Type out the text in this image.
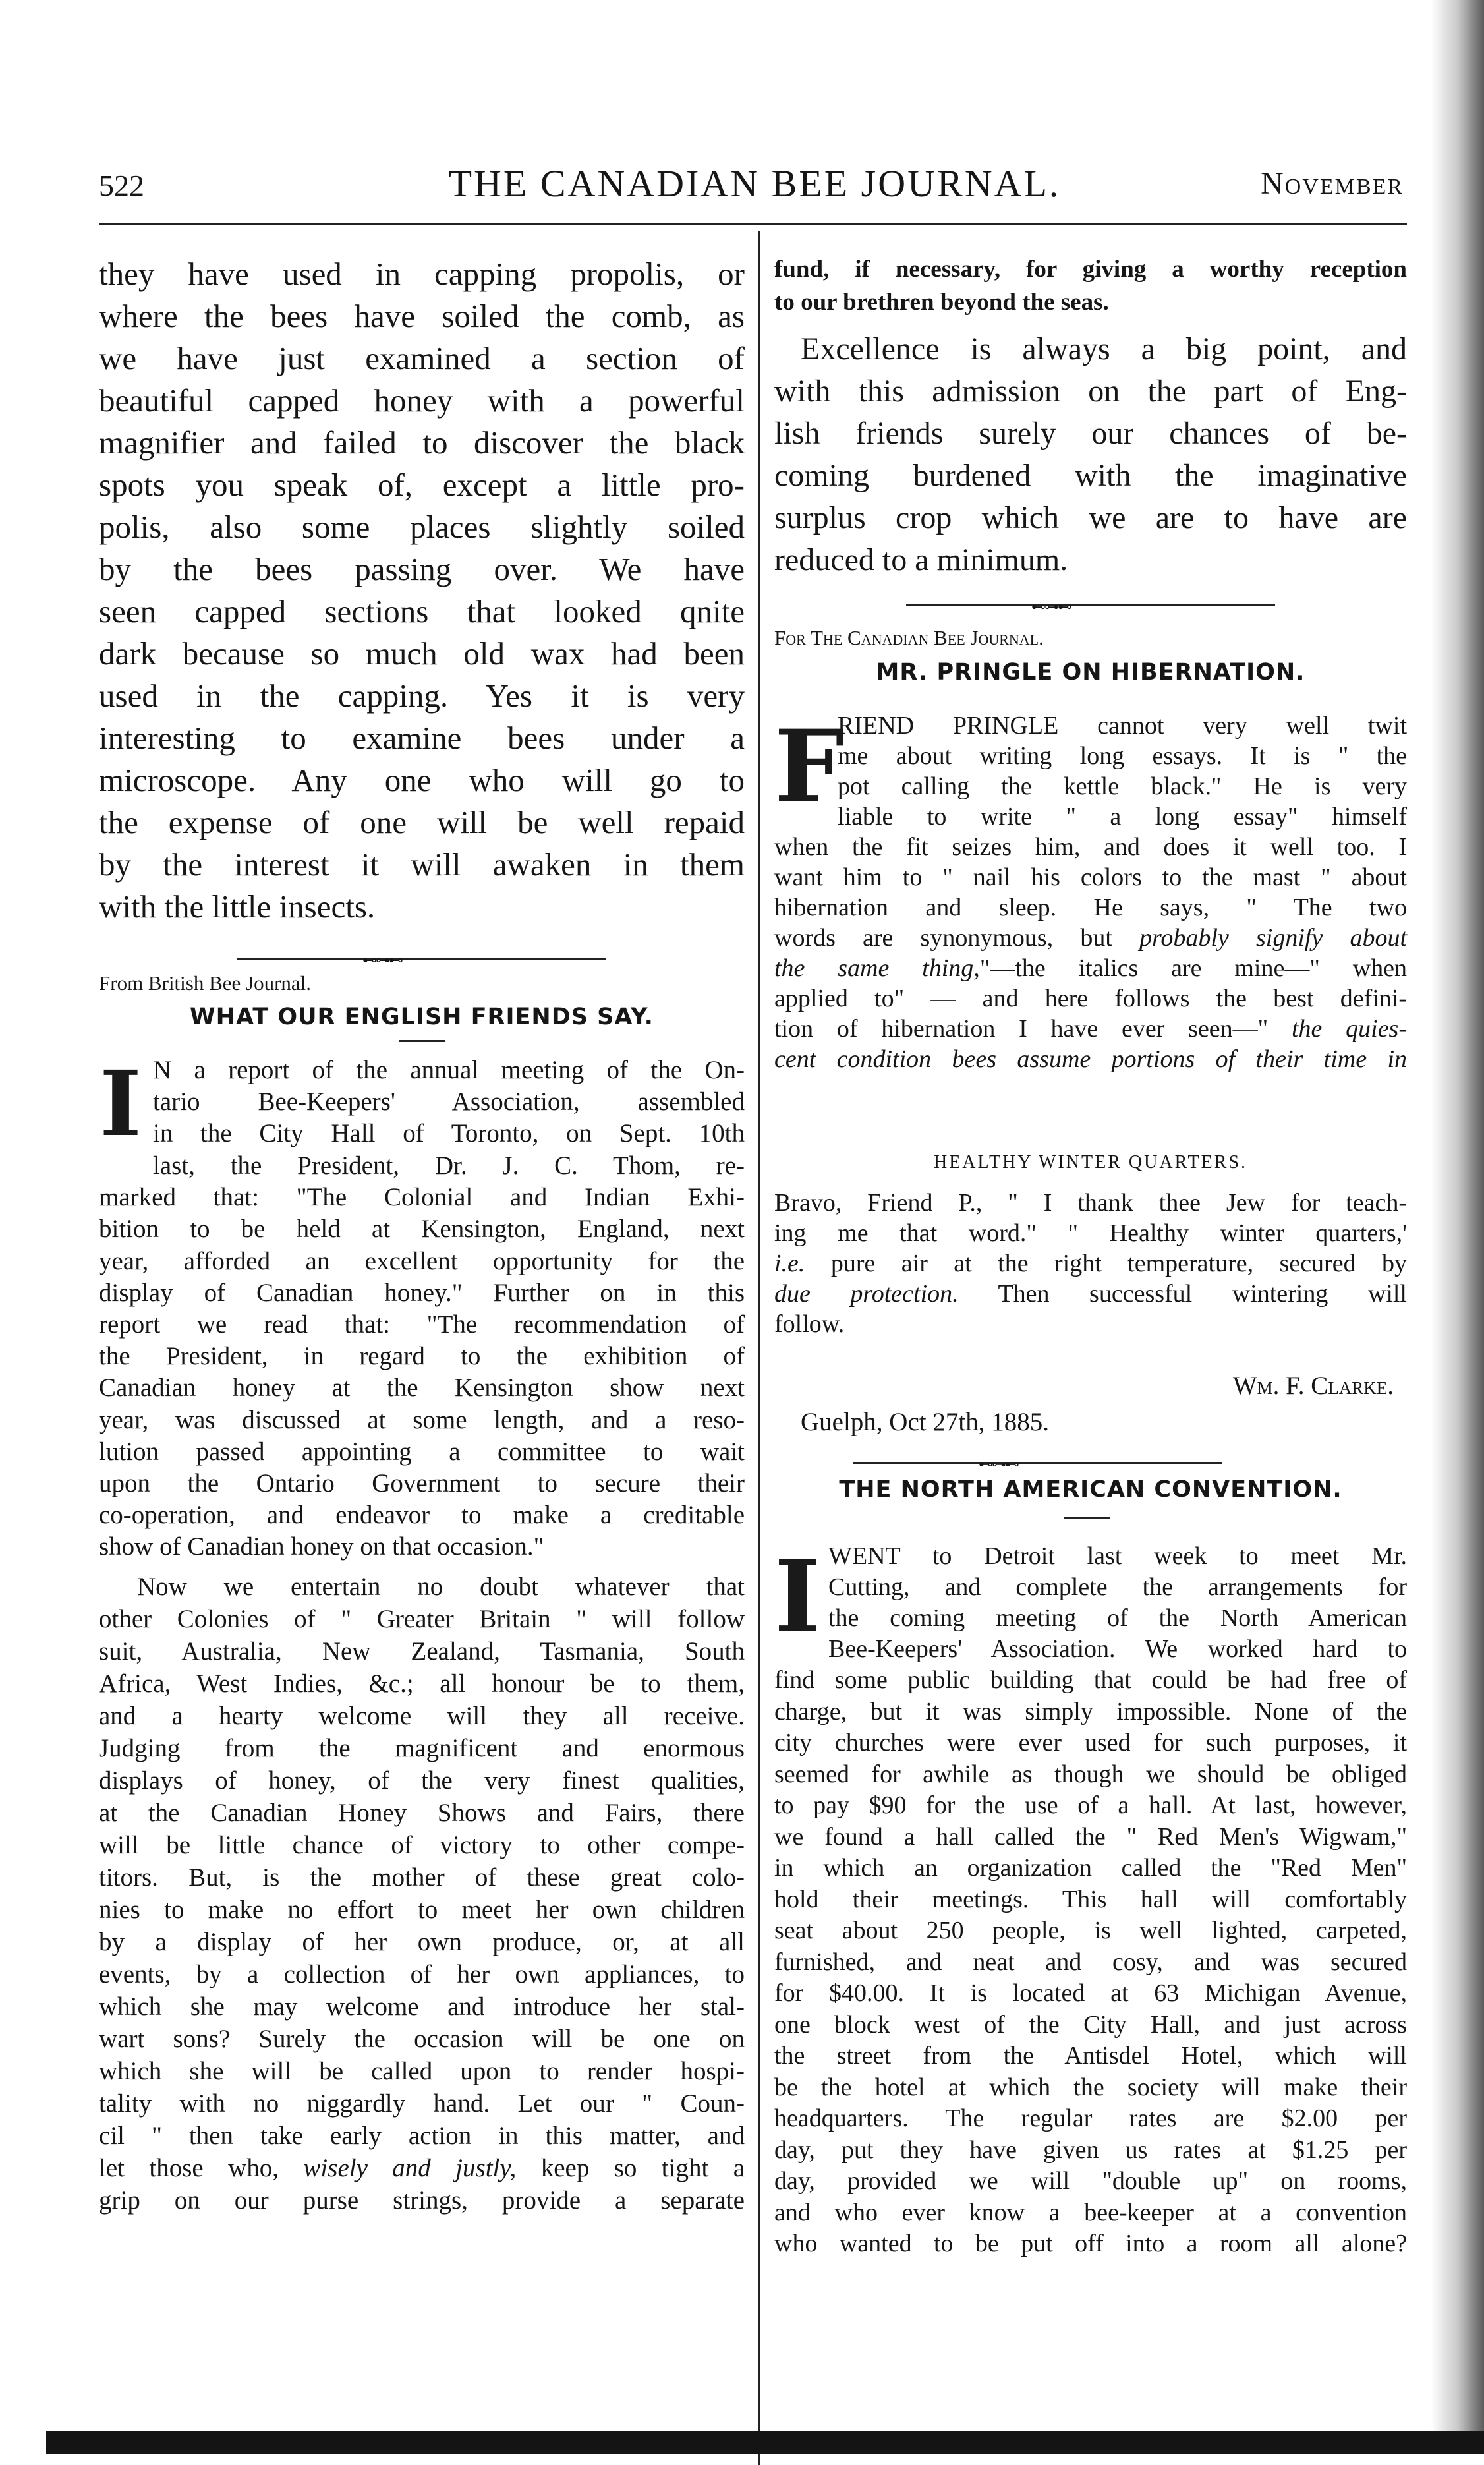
522	THE CANADIAN BEE JOURNAL.	November
they have used in capping propolis, or
where the bees have soiled the comb, as
we have just examined a section of
beautiful capped honey with a powerful
magnifier and failed to discover the black
spots you speak of, except a little pro-
polis, also some places slightly soiled
by the bees passing over. We have
seen capped sections that looked qnite
dark because so much old wax had been
used in the capping. Yes it is very
interesting to examine bees under a
microscope. Any one who will go to
the expense of one will be well repaid
by the interest it will awaken in them
with the little insects.
⊷⊶⊷
From British Bee Journal.
WHAT OUR ENGLISH FRIENDS SAY.
I N a report of the annual meeting of the On-
tario Bee-Keepers' Association, assembled
in the City Hall of Toronto, on Sept. 10th
last, the President, Dr. J. C. Thom, re-
marked that: "The Colonial and Indian Exhi-
bition to be held at Kensington, England, next
year, afforded an excellent opportunity for the
display of Canadian honey." Further on in this
report we read that: "The recommendation of
the President, in regard to the exhibition of
Canadian honey at the Kensington show next
year, was discussed at some length, and a reso-
lution passed appointing a committee to wait
upon the Ontario Government to secure their
co-operation, and endeavor to make a creditable
show of Canadian honey on that occasion."
Now we entertain no doubt whatever that
other Colonies of " Greater Britain " will follow
suit, Australia, New Zealand, Tasmania, South
Africa, West Indies, &c.; all honour be to them,
and a hearty welcome will they all receive.
Judging from the magnificent and enormous
displays of honey, of the very finest qualities,
at the Canadian Honey Shows and Fairs, there
will be little chance of victory to other compe-
titors. But, is the mother of these great colo-
nies to make no effort to meet her own children
by a display of her own produce, or, at all
events, by a collection of her own appliances, to
which she may welcome and introduce her stal-
wart sons? Surely the occasion will be one on
which she will be called upon to render hospi-
tality with no niggardly hand. Let our " Coun-
cil " then take early action in this matter, and
let those who, wisely and justly, keep so tight a
grip on our purse strings, provide a separate
fund, if necessary, for giving a worthy reception
to our brethren beyond the seas.
Excellence is always a big point, and
with this admission on the part of Eng-
lish friends surely our chances of be-
coming burdened with the imaginative
surplus crop which we are to have are
reduced to a minimum.
⊷⊶⊷
For The Canadian Bee Journal.
MR. PRINGLE ON HIBERNATION.
F
RIEND PRINGLE cannot very well twit
me about writing long essays. It is " the
pot calling the kettle black." He is very
liable to write " a long essay" himself
when the fit seizes him, and does it well too. I
want him to " nail his colors to the mast " about
hibernation and sleep. He says, " The two
words are synonymous, but probably signify about
the same thing,"—the italics are mine—" when
applied to" — and here follows the best defini-
tion of hibernation I have ever seen—" the quies-
cent condition bees assume portions of their time in
HEALTHY WINTER QUARTERS.
Bravo, Friend P., " I thank thee Jew for teach-
ing me that word." " Healthy winter quarters,'
i.e. pure air at the right temperature, secured by
due protection. Then successful wintering will
follow.
Wm. F. Clarke.
Guelph, Oct 27th, 1885.
⊷⊶⊷
THE NORTH AMERICAN CONVENTION.
I WENT to Detroit last week to meet Mr.
Cutting, and complete the arrangements for
the coming meeting of the North American
Bee-Keepers' Association. We worked hard to
find some public building that could be had free of
charge, but it was simply impossible. None of the
city churches were ever used for such purposes, it
seemed for awhile as though we should be obliged
to pay $90 for the use of a hall. At last, however,
we found a hall called the " Red Men's Wigwam,"
in which an organization called the "Red Men"
hold their meetings. This hall will comfortably
seat about 250 people, is well lighted, carpeted,
furnished, and neat and cosy, and was secured
for $40.00. It is located at 63 Michigan Avenue,
one block west of the City Hall, and just across
the street from the Antisdel Hotel, which will
be the hotel at which the society will make their
headquarters. The regular rates are $2.00 per
day, put they have given us rates at $1.25 per
day, provided we will "double up" on rooms,
and who ever know a bee-keeper at a convention
who wanted to be put off into a room all alone?
